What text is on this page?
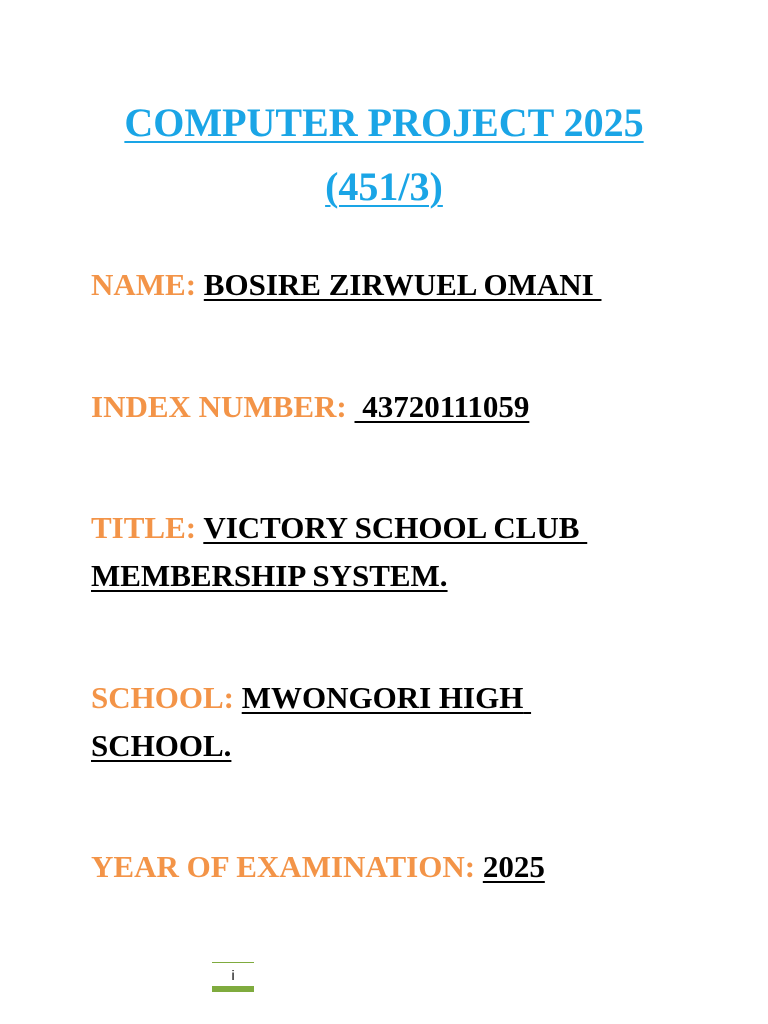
COMPUTER PROJECT 2025
(451/3)

NAME: BOSIRE ZIRWUEL OMANI

INDEX NUMBER:  43720111059

TITLE: VICTORY SCHOOL CLUB MEMBERSHIP SYSTEM.

SCHOOL: MWONGORI HIGH SCHOOL.

YEAR OF EXAMINATION: 2025

i
